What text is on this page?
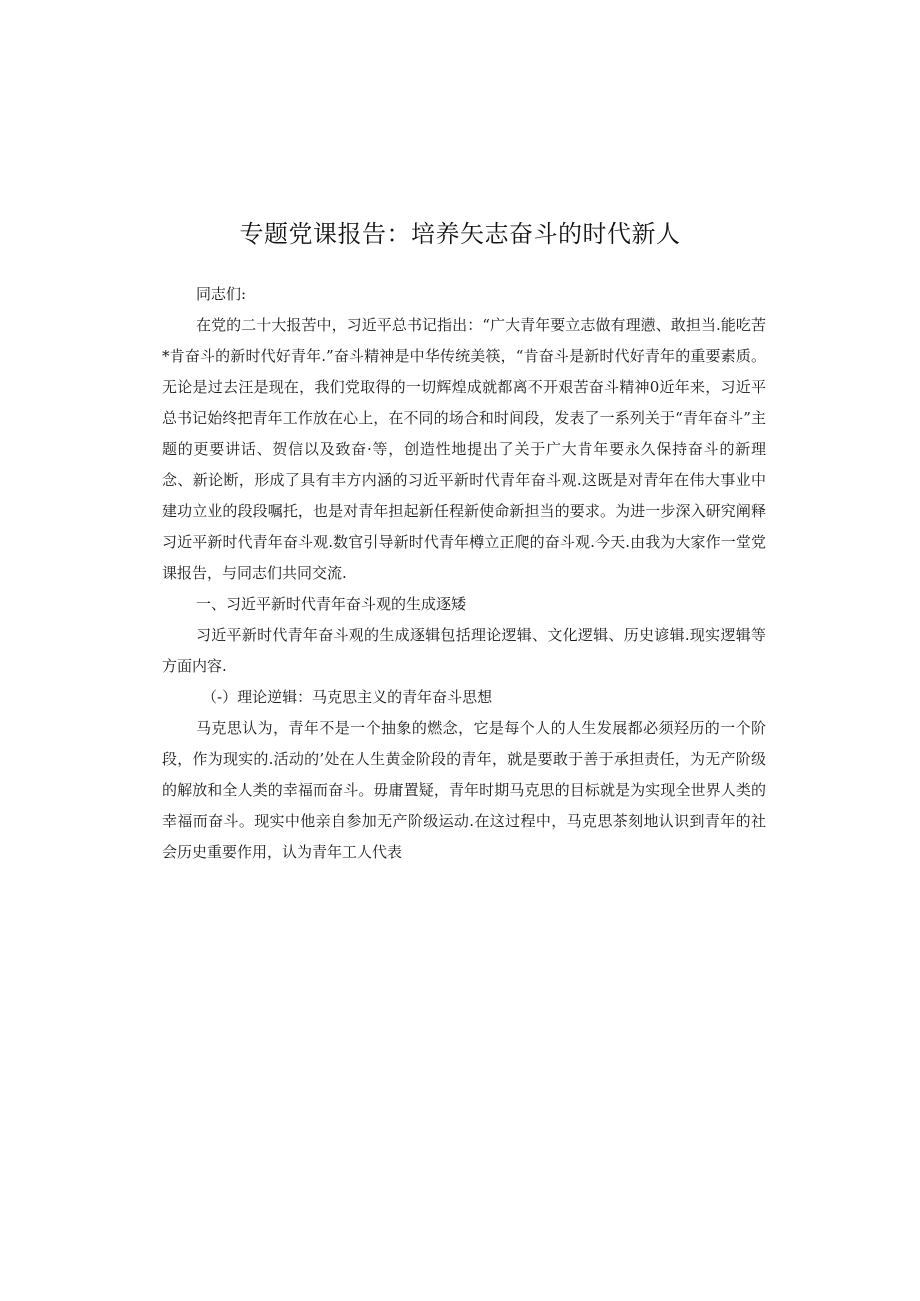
专题党课报告：培养矢志奋斗的时代新人

同志们:

在党的二十大报苦中，习近平总书记指出：“广大青年要立志做有理懑、敢担当.能吃苦*肯奋斗的新时代好青年.”奋斗精神是中华传统美筷，“肯奋斗是新时代好青年的重要素质。无论是过去汪是现在，我们党取得的一切辉煌成就都离不开艰苦奋斗精神0近年来，习近平总书记始终把青年工作放在心上，在不同的场合和时间段，发表了一系列关于“青年奋斗”主题的更要讲话、贺信以及致奋·等，创造性地提出了关于广大肯年要永久保持奋斗的新理念、新论断，形成了具有丰方内涵的习近平新时代青年奋斗观.这既是对青年在伟大事业中建功立业的段段嘱托，也是对青年担起新任程新使命新担当的要求。为进一步深入研究阐释习近平新时代青年奋斗观.数官引导新时代青年樽立正爬的奋斗观.今天.由我为大家作一堂党课报告，与同志们共同交流.

一、习近平新时代青年奋斗观的生成逐矮

习近平新时代青年奋斗观的生成逐辑包括理论逻辑、文化逻辑、历史谚辑.现实逻辑等方面内容.

（-）理论逆辑：马克思主义的青年奋斗思想

马克思认为，青年不是一个抽象的燃念，它是每个人的人生发展都必须羟历的一个阶段，作为现实的.活动的’处在人生黄金阶段的青年，就是要敢于善于承担责任，为无产阶级的解放和全人类的幸福而奋斗。毋庸置疑，青年时期马克思的目标就是为实现全世界人类的幸福而奋斗。现实中他亲自参加无产阶级运动.在这过程中，马克思茶刻地认识到青年的社会历史重要作用，认为青年工人代表
